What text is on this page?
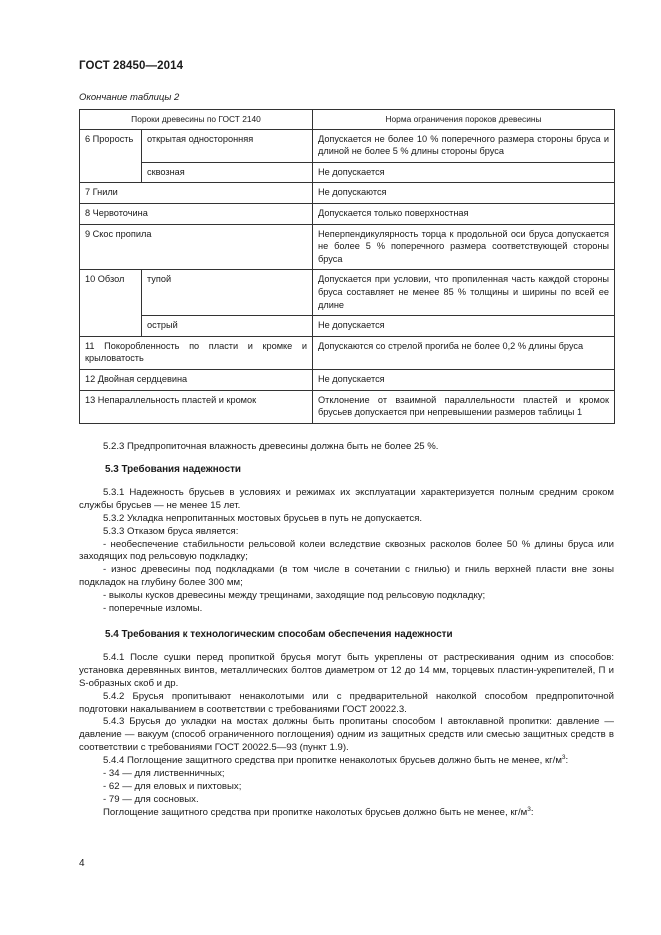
ГОСТ 28450—2014
Окончание таблицы 2
Пороки древесины по ГОСТ 2140		Норма ограничения пороков древесины
6 Прорость	открытая односторонняя	Допускается не более 10 % поперечного размера стороны бруса и длиной не более 5 % длины стороны бруса
	сквозная	Не допускается
7 Гнили		Не допускаются
8 Червоточина		Допускается только поверхностная
9 Скос пропила		Неперпендикулярность торца к продольной оси бруса допускается не более 5 % поперечного размера соответствующей стороны бруса
10 Обзол	тупой	Допускается при условии, что пропиленная часть каждой стороны бруса составляет не менее 85 % толщины и ширины по всей ее длине
	острый	Не допускается
11 Покоробленность по пласти и кромке и крыловатость		Допускаются со стрелой прогиба не более 0,2 % длины бруса
12 Двойная сердцевина		Не допускается
13 Непараллельность пластей и кромок		Отклонение от взаимной параллельности пластей и кромок брусьев допускается при непревышении размеров таблицы 1

5.2.3 Предпропиточная влажность древесины должна быть не более 25 %.

5.3 Требования надежности

5.3.1 Надежность брусьев в условиях и режимах их эксплуатации характеризуется полным средним сроком службы брусьев — не менее 15 лет.

5.3.2 Укладка непропитанных мостовых брусьев в путь не допускается.

5.3.3 Отказом бруса является:

- необеспечение стабильности рельсовой колеи вследствие сквозных расколов более 50 % длины бруса или заходящих под рельсовую подкладку;

- износ древесины под подкладками (в том числе в сочетании с гнилью) и гниль верхней пласти вне зоны подкладок на глубину более 300 мм;

- выколы кусков древесины между трещинами, заходящие под рельсовую подкладку;

- поперечные изломы.

5.4 Требования к технологическим способам обеспечения надежности

5.4.1 После сушки перед пропиткой брусья могут быть укреплены от растрескивания одним из способов: установка деревянных винтов, металлических болтов диаметром от 12 до 14 мм, торцевых пластин-укрепителей, П и S-образных скоб и др.

5.4.2 Брусья пропитывают ненаколотыми или с предварительной наколкой способом предпропиточной подготовки накалыванием в соответствии с требованиями ГОСТ 20022.3.

5.4.3 Брусья до укладки на мостах должны быть пропитаны способом I автоклавной пропитки: давление — давление — вакуум (способ ограниченного поглощения) одним из защитных средств или смесью защитных средств в соответствии с требованиями ГОСТ 20022.5—93 (пункт 1.9).

5.4.4 Поглощение защитного средства при пропитке ненаколотых брусьев должно быть не менее, $кг/м^3$:

- 34 — для лиственничных;

- 62 — для еловых и пихтовых;

- 79 — для сосновых.

Поглощение защитного средства при пропитке наколотых брусьев должно быть не менее, $кг/м^3$:

4
